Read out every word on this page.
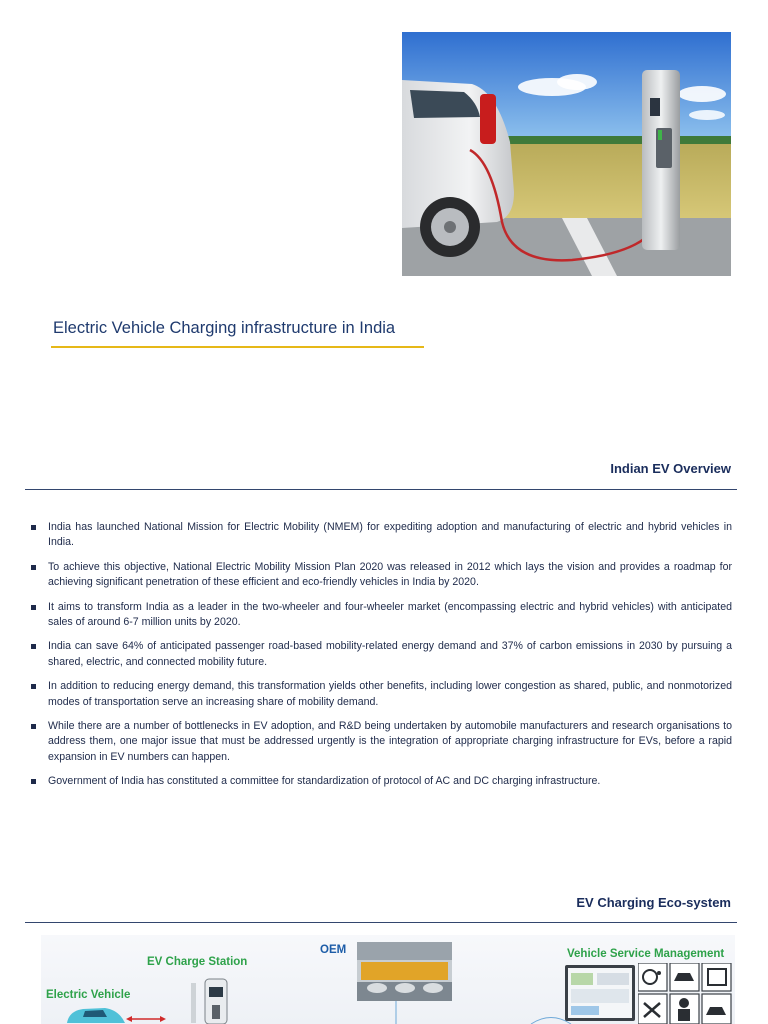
Electric Vehicle Charging infrastructure in India
Indian EV Overview
India has launched National Mission for Electric Mobility (NMEM) for expediting adoption and manufacturing of electric and hybrid vehicles in India.
To achieve this objective, National Electric Mobility Mission Plan 2020 was released in 2012 which lays the vision and provides a roadmap for achieving significant penetration of these efficient and eco-friendly vehicles in India by 2020.
It aims to transform India as a leader in the two-wheeler and four-wheeler market (encompassing electric and hybrid vehicles) with anticipated sales of around 6-7 million units by 2020.
India can save 64% of anticipated passenger road-based mobility-related energy demand and 37% of carbon emissions in 2030 by pursuing a shared, electric, and connected mobility future.
In addition to reducing energy demand, this transformation yields other benefits, including lower congestion as shared, public, and nonmotorized modes of transportation serve an increasing share of mobility demand.
While there are a number of bottlenecks in EV adoption, and R&D being undertaken by automobile manufacturers and research organisations to address them, one major issue that must be addressed urgently is the integration of appropriate charging infrastructure for EVs, before a rapid expansion in EV numbers can happen.
Government of India has constituted a committee for standardization of protocol of AC and DC charging infrastructure.
EV Charging Eco-system
Electric Vehicle
EV Charge Station
OEM	Vehicle Service Management
